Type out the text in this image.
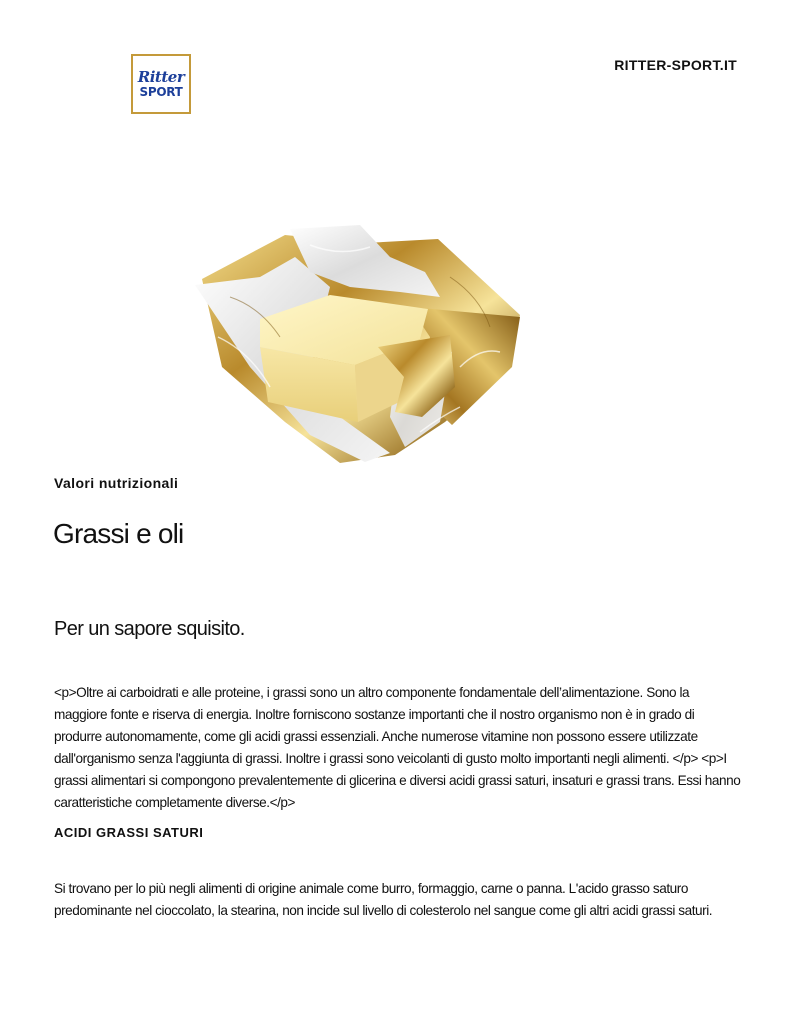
Ritter
SPORT
RITTER-SPORT.IT
Valori nutrizionali
Grassi e oli
Per un sapore squisito.

<p>Oltre ai carboidrati e alle proteine, i grassi sono un altro componente fondamentale dell’alimentazione. Sono la maggiore fonte e riserva di energia. Inoltre forniscono sostanze importanti che il nostro organismo non è in grado di produrre autonomamente, come gli acidi grassi essenziali. Anche numerose vitamine non possono essere utilizzate dall'organismo senza l'aggiunta di grassi. Inoltre i grassi sono veicolanti di gusto molto importanti negli alimenti. </p> <p>I grassi alimentari si compongono prevalentemente di glicerina e diversi acidi grassi saturi, insaturi e grassi trans. Essi hanno caratteristiche completamente diverse.</p>

ACIDI GRASSI SATURI

Si trovano per lo più negli alimenti di origine animale come burro, formaggio, carne o panna. L'acido grasso saturo predominante nel cioccolato, la stearina, non incide sul livello di colesterolo nel sangue come gli altri acidi grassi saturi.
